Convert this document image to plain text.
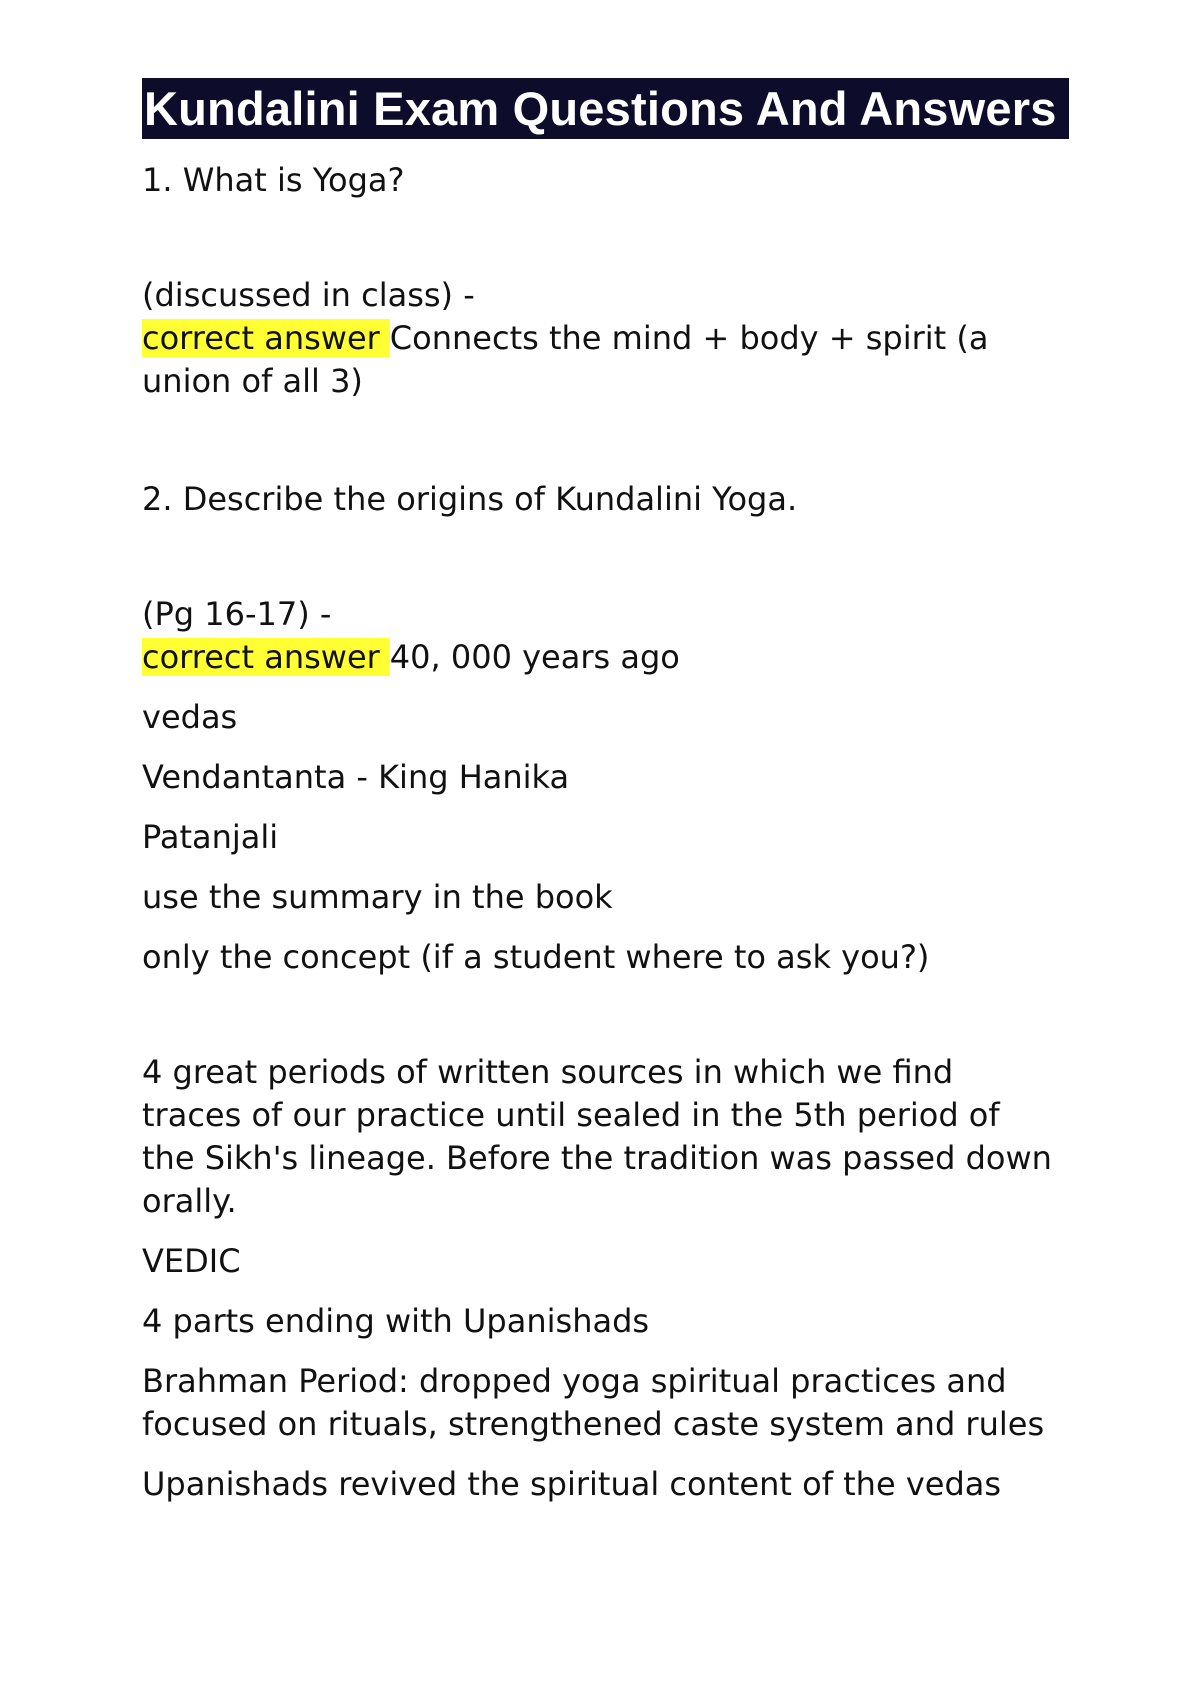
Kundalini Exam Questions And Answers

1. What is Yoga?

(discussed in class) -

correct answer Connects the mind + body + spirit (a union of all 3)

2. Describe the origins of Kundalini Yoga.

(Pg 16-17) -

correct answer 40, 000 years ago

vedas

Vendantanta - King Hanika

Patanjali

use the summary in the book

only the concept (if a student where to ask you?)

4 great periods of written sources in which we find traces of our practice until sealed in the 5th period of the Sikh's lineage. Before the tradition was passed down orally.

VEDIC

4 parts ending with Upanishads

Brahman Period: dropped yoga spiritual practices and focused on rituals, strengthened caste system and rules

Upanishads revived the spiritual content of the vedas
